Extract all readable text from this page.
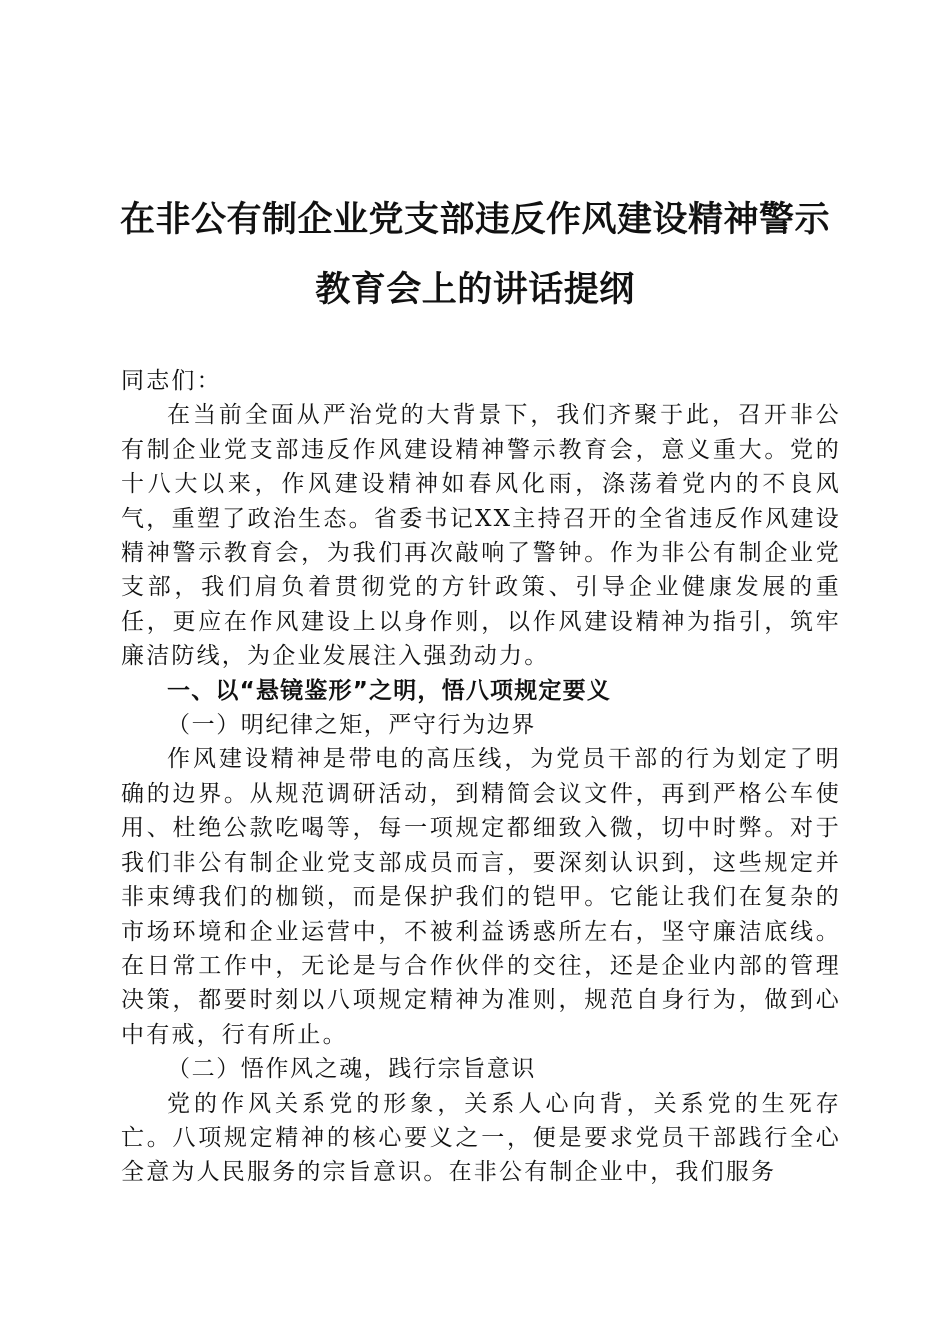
在非公有制企业党支部违反作风建设精神警示
教育会上的讲话提纲

同志们：

在当前全面从严治党的大背景下，我们齐聚于此，召开非公有制企业党支部违反作风建设精神警示教育会，意义重大。党的十八大以来，作风建设精神如春风化雨，涤荡着党内的不良风气，重塑了政治生态。省委书记XX主持召开的全省违反作风建设精神警示教育会，为我们再次敲响了警钟。作为非公有制企业党支部，我们肩负着贯彻党的方针政策、引导企业健康发展的重任，更应在作风建设上以身作则，以作风建设精神为指引，筑牢廉洁防线，为企业发展注入强劲动力。

一、以“悬镜鉴形”之明，悟八项规定要义

（一）明纪律之矩，严守行为边界

作风建设精神是带电的高压线，为党员干部的行为划定了明确的边界。从规范调研活动，到精简会议文件，再到严格公车使用、杜绝公款吃喝等，每一项规定都细致入微，切中时弊。对于我们非公有制企业党支部成员而言，要深刻认识到，这些规定并非束缚我们的枷锁，而是保护我们的铠甲。它能让我们在复杂的市场环境和企业运营中，不被利益诱惑所左右，坚守廉洁底线。在日常工作中，无论是与合作伙伴的交往，还是企业内部的管理决策，都要时刻以八项规定精神为准则，规范自身行为，做到心中有戒，行有所止。

（二）悟作风之魂，践行宗旨意识

党的作风关系党的形象，关系人心向背，关系党的生死存亡。八项规定精神的核心要义之一，便是要求党员干部践行全心全意为人民服务的宗旨意识。在非公有制企业中，我们服务
